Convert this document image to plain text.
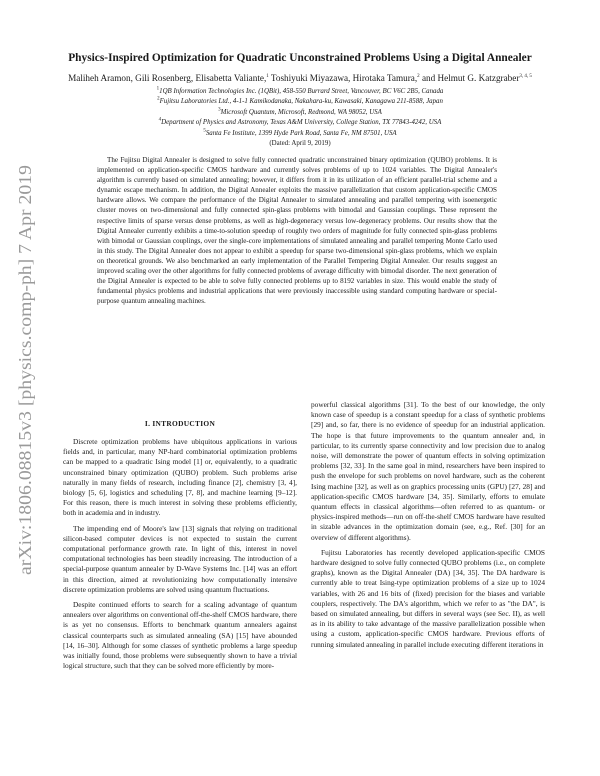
arXiv:1806.08815v3 [physics.comp-ph] 7 Apr 2019
Physics-Inspired Optimization for Quadratic Unconstrained Problems Using a Digital Annealer
Maliheh Aramon, Gili Rosenberg, Elisabetta Valiante,$^1$ Toshiyuki Miyazawa, Hirotaka Tamura,$^2$ and Helmut G. Katzgraber$^{3, 4, 5}$
$^1$1QB Information Technologies Inc. (1QBit), 458-550 Burrard Street, Vancouver, BC V6C 2B5, Canada
$^2$Fujitsu Laboratories Ltd., 4-1-1 Kamikodanaka, Nakahara-ku, Kawasaki, Kanagawa 211-8588, Japan
$^3$Microsoft Quantum, Microsoft, Redmond, WA 98052, USA
$^4$Department of Physics and Astronomy, Texas A&M University, College Station, TX 77843-4242, USA
$^5$Santa Fe Institute, 1399 Hyde Park Road, Santa Fe, NM 87501, USA
(Dated: April 9, 2019)
The Fujitsu Digital Annealer is designed to solve fully connected quadratic unconstrained binary optimization (QUBO) problems. It is implemented on application-specific CMOS hardware and currently solves problems of up to 1024 variables. The Digital Annealer's algorithm is currently based on simulated annealing; however, it differs from it in its utilization of an efficient parallel-trial scheme and a dynamic escape mechanism. In addition, the Digital Annealer exploits the massive parallelization that custom application-specific CMOS hardware allows. We compare the performance of the Digital Annealer to simulated annealing and parallel tempering with isoenergetic cluster moves on two-dimensional and fully connected spin-glass problems with bimodal and Gaussian couplings. These represent the respective limits of sparse versus dense problems, as well as high-degeneracy versus low-degeneracy problems. Our results show that the Digital Annealer currently exhibits a time-to-solution speedup of roughly two orders of magnitude for fully connected spin-glass problems with bimodal or Gaussian couplings, over the single-core implementations of simulated annealing and parallel tempering Monte Carlo used in this study. The Digital Annealer does not appear to exhibit a speedup for sparse two-dimensional spin-glass problems, which we explain on theoretical grounds. We also benchmarked an early implementation of the Parallel Tempering Digital Annealer. Our results suggest an improved scaling over the other algorithms for fully connected problems of average difficulty with bimodal disorder. The next generation of the Digital Annealer is expected to be able to solve fully connected problems up to 8192 variables in size. This would enable the study of fundamental physics problems and industrial applications that were previously inaccessible using standard computing hardware or special-purpose quantum annealing machines.
I. INTRODUCTION

Discrete optimization problems have ubiquitous applications in various fields and, in particular, many NP-hard combinatorial optimization problems can be mapped to a quadratic Ising model [1] or, equivalently, to a quadratic unconstrained binary optimization (QUBO) problem. Such problems arise naturally in many fields of research, including finance [2], chemistry [3, 4], biology [5, 6], logistics and scheduling [7, 8], and machine learning [9–12]. For this reason, there is much interest in solving these problems efficiently, both in academia and in industry.

The impending end of Moore's law [13] signals that relying on traditional silicon-based computer devices is not expected to sustain the current computational performance growth rate. In light of this, interest in novel computational technologies has been steadily increasing. The introduction of a special-purpose quantum annealer by D-Wave Systems Inc. [14] was an effort in this direction, aimed at revolutionizing how computationally intensive discrete optimization problems are solved using quantum fluctuations.

Despite continued efforts to search for a scaling advantage of quantum annealers over algorithms on conventional off-the-shelf CMOS hardware, there is as yet no consensus. Efforts to benchmark quantum annealers against classical counterparts such as simulated annealing (SA) [15] have abounded [14, 16–30]. Although for some classes of synthetic problems a large speedup was initially found, those problems were subsequently shown to have a trivial logical structure, such that they can be solved more efficiently by more-

powerful classical algorithms [31]. To the best of our knowledge, the only known case of speedup is a constant speedup for a class of synthetic problems [29] and, so far, there is no evidence of speedup for an industrial application. The hope is that future improvements to the quantum annealer and, in particular, to its currently sparse connectivity and low precision due to analog noise, will demonstrate the power of quantum effects in solving optimization problems [32, 33]. In the same goal in mind, researchers have been inspired to push the envelope for such problems on novel hardware, such as the coherent Ising machine [32], as well as on graphics processing units (GPU) [27, 28] and application-specific CMOS hardware [34, 35]. Similarly, efforts to emulate quantum effects in classical algorithms—often referred to as quantum- or physics-inspired methods—run on off-the-shelf CMOS hardware have resulted in sizable advances in the optimization domain (see, e.g., Ref. [30] for an overview of different algorithms).

Fujitsu Laboratories has recently developed application-specific CMOS hardware designed to solve fully connected QUBO problems (i.e., on complete graphs), known as the Digital Annealer (DA) [34, 35]. The DA hardware is currently able to treat Ising-type optimization problems of a size up to 1024 variables, with 26 and 16 bits of (fixed) precision for the biases and variable couplers, respectively. The DA's algorithm, which we refer to as "the DA", is based on simulated annealing, but differs in several ways (see Sec. II), as well as in its ability to take advantage of the massive parallelization possible when using a custom, application-specific CMOS hardware. Previous efforts of running simulated annealing in parallel include executing different iterations in
